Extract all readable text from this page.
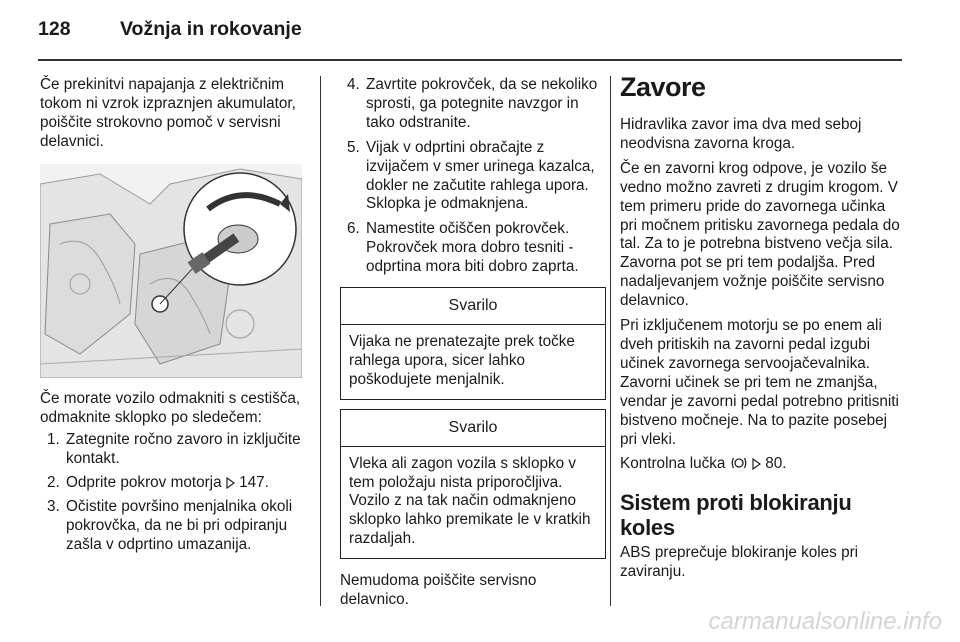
128	Vožnja in rokovanje

Če prekinitvi napajanja z električnim tokom ni vzrok izpraznjen akumulator, poiščite strokovno pomoč v servisni delavnici.

Če morate vozilo odmakniti s cestišča, odmaknite sklopko po sledečem:

1. Zategnite ročno zavoro in izključite kontakt.
2. Odprite pokrov motorja 147.
3. Očistite površino menjalnika okoli pokrovčka, da ne bi pri odpiranju zašla v odprtino umazanija.
4. Zavrtite pokrovček, da se nekoliko sprosti, ga potegnite navzgor in tako odstranite.
5. Vijak v odprtini obračajte z izvijačem v smer urinega kazalca, dokler ne začutite rahlega upora. Sklopka je odmaknjena.
6. Namestite očiščen pokrovček. Pokrovček mora dobro tesniti - odprtina mora biti dobro zaprta.
Svarilo
Vijaka ne prenatezajte prek točke rahlega upora, sicer lahko poškodujete menjalnik.
Svarilo
Vleka ali zagon vozila s sklopko v tem položaju nista priporočljiva. Vozilo z na tak način odmaknjeno sklopko lahko premikate le v kratkih razdaljah.

Nemudoma poiščite servisno delavnico.

Zavore

Hidravlika zavor ima dva med seboj neodvisna zavorna kroga.

Če en zavorni krog odpove, je vozilo še vedno možno zavreti z drugim krogom. V tem primeru pride do zavornega učinka pri močnem pritisku zavornega pedala do tal. Za to je potrebna bistveno večja sila. Zavorna pot se pri tem podaljša. Pred nadaljevanjem vožnje poiščite servisno delavnico.

Pri izključenem motorju se po enem ali dveh pritiskih na zavorni pedal izgubi učinek zavornega servoojačevalnika. Zavorni učinek se pri tem ne zmanjša, vendar je zavorni pedal potrebno pritisniti bistveno močneje. Na to pazite posebej pri vleki.

Kontrolna lučka	80.

Sistem proti blokiranju koles

ABS preprečuje blokiranje koles pri zaviranju.

carmanualsonline.info
